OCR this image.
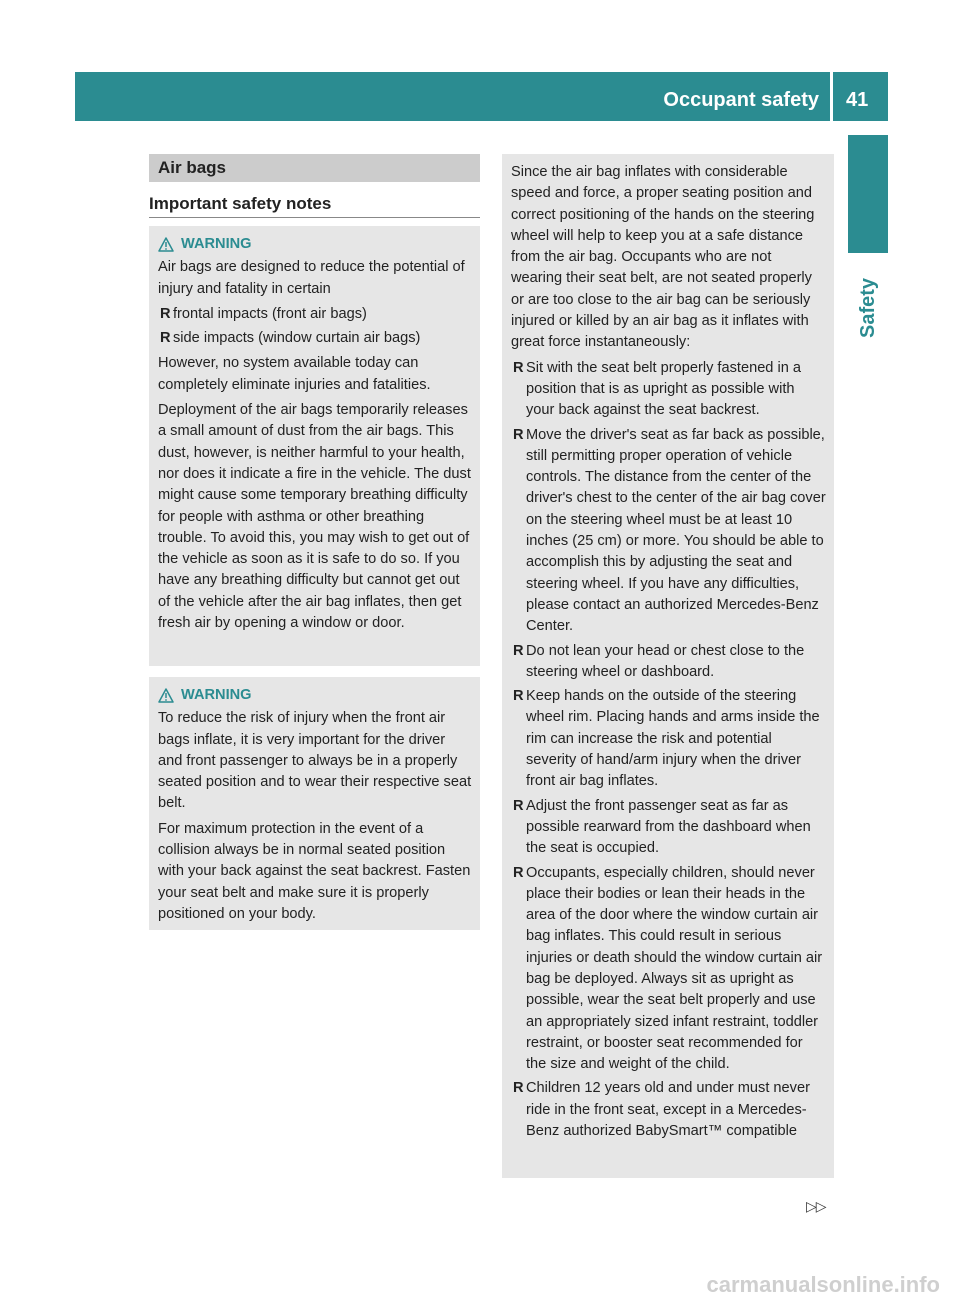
Occupant safety 41
Safety
Air bags
Important safety notes
WARNING

Air bags are designed to reduce the potential of injury and fatality in certain

R frontal impacts (front air bags)
R side impacts (window curtain air bags)

However, no system available today can completely eliminate injuries and fatalities.

Deployment of the air bags temporarily releases a small amount of dust from the air bags. This dust, however, is neither harmful to your health, nor does it indicate a fire in the vehicle. The dust might cause some temporary breathing difficulty for people with asthma or other breathing trouble. To avoid this, you may wish to get out of the vehicle as soon as it is safe to do so. If you have any breathing difficulty but cannot get out of the vehicle after the air bag inflates, then get fresh air by opening a window or door.

WARNING

To reduce the risk of injury when the front air bags inflate, it is very important for the driver and front passenger to always be in a properly seated position and to wear their respective seat belt.

For maximum protection in the event of a collision always be in normal seated position with your back against the seat backrest. Fasten your seat belt and make sure it is properly positioned on your body.

Since the air bag inflates with considerable speed and force, a proper seating position and correct positioning of the hands on the steering wheel will help to keep you at a safe distance from the air bag. Occupants who are not wearing their seat belt, are not seated properly or are too close to the air bag can be seriously injured or killed by an air bag as it inflates with great force instantaneously:

R Sit with the seat belt properly fastened in a position that is as upright as possible with your back against the seat backrest.
R Move the driver's seat as far back as possible, still permitting proper operation of vehicle controls. The distance from the center of the driver's chest to the center of the air bag cover on the steering wheel must be at least 10 inches (25 cm) or more. You should be able to accomplish this by adjusting the seat and steering wheel. If you have any difficulties, please contact an authorized Mercedes-Benz Center.
R Do not lean your head or chest close to the steering wheel or dashboard.
R Keep hands on the outside of the steering wheel rim. Placing hands and arms inside the rim can increase the risk and potential severity of hand/arm injury when the driver front air bag inflates.
R Adjust the front passenger seat as far as possible rearward from the dashboard when the seat is occupied.
R Occupants, especially children, should never place their bodies or lean their heads in the area of the door where the window curtain air bag inflates. This could result in serious injuries or death should the window curtain air bag be deployed. Always sit as upright as possible, wear the seat belt properly and use an appropriately sized infant restraint, toddler restraint, or booster seat recommended for the size and weight of the child.
R Children 12 years old and under must never ride in the front seat, except in a Mercedes-Benz authorized BabySmart™ compatible
▷▷
carmanualsonline.info
